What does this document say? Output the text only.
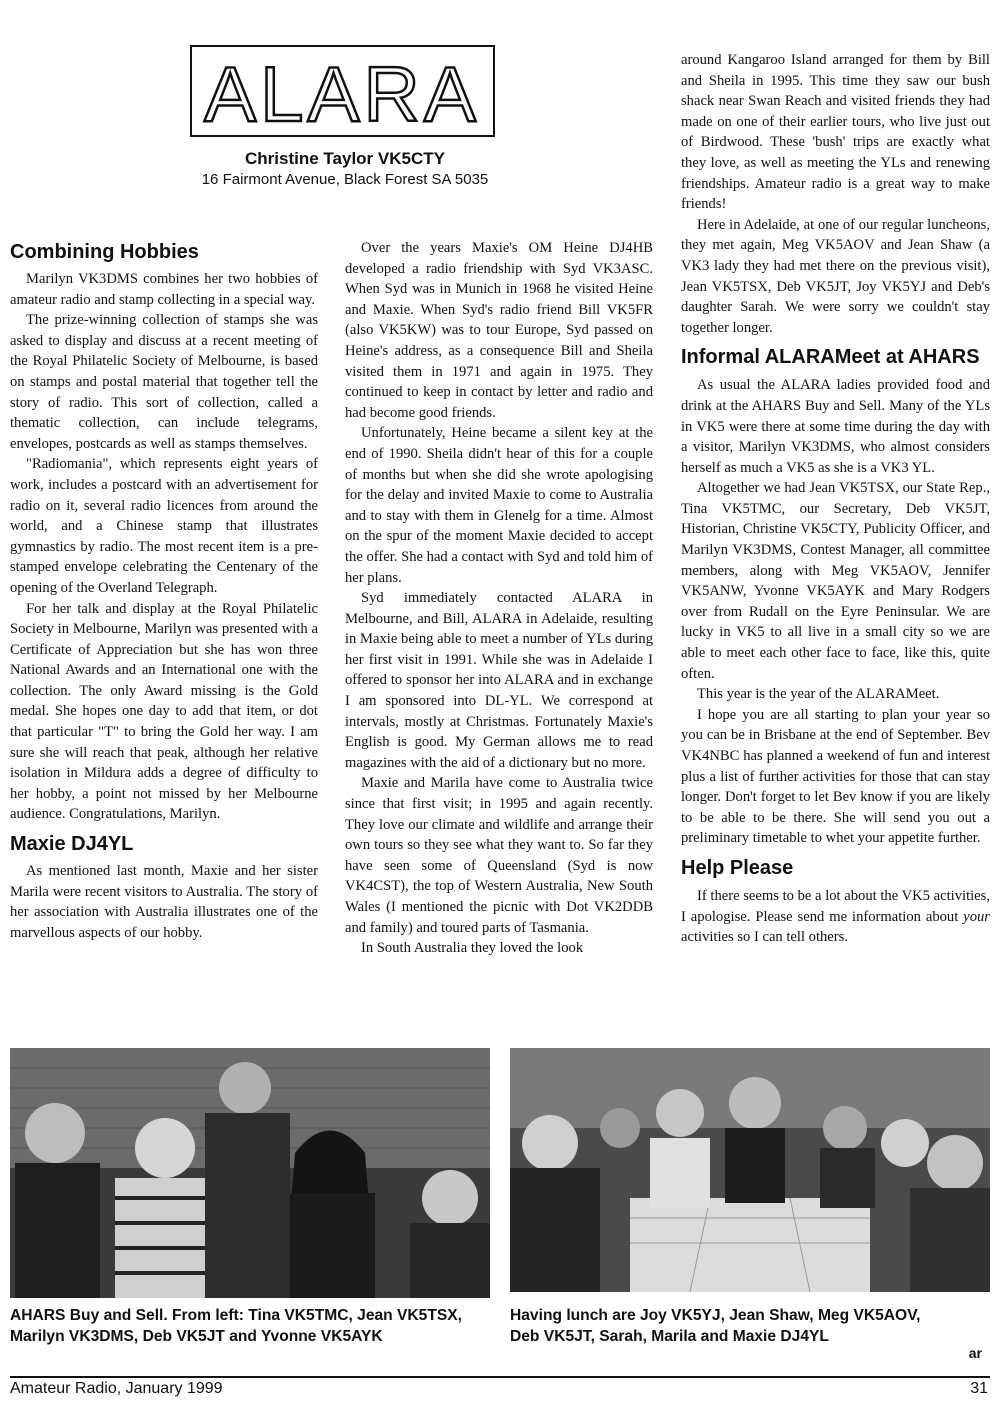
ALARA
Christine Taylor VK5CTY
16 Fairmont Avenue, Black Forest SA 5035
Combining Hobbies

Marilyn VK3DMS combines her two hobbies of amateur radio and stamp collecting in a special way.

The prize-winning collection of stamps she was asked to display and discuss at a recent meeting of the Royal Philatelic Society of Melbourne, is based on stamps and postal material that together tell the story of radio. This sort of collection, called a thematic collection, can include telegrams, envelopes, postcards as well as stamps themselves.

"Radiomania", which represents eight years of work, includes a postcard with an advertisement for radio on it, several radio licences from around the world, and a Chinese stamp that illustrates gymnastics by radio. The most recent item is a pre-stamped envelope celebrating the Centenary of the opening of the Overland Telegraph.

For her talk and display at the Royal Philatelic Society in Melbourne, Marilyn was presented with a Certificate of Appreciation but she has won three National Awards and an International one with the collection. The only Award missing is the Gold medal. She hopes one day to add that item, or dot that particular "T" to bring the Gold her way. I am sure she will reach that peak, although her relative isolation in Mildura adds a degree of difficulty to her hobby, a point not missed by her Melbourne audience. Congratulations, Marilyn.

Maxie DJ4YL

As mentioned last month, Maxie and her sister Marila were recent visitors to Australia. The story of her association with Australia illustrates one of the marvellous aspects of our hobby.

Over the years Maxie's OM Heine DJ4HB developed a radio friendship with Syd VK3ASC. When Syd was in Munich in 1968 he visited Heine and Maxie. When Syd's radio friend Bill VK5FR (also VK5KW) was to tour Europe, Syd passed on Heine's address, as a consequence Bill and Sheila visited them in 1971 and again in 1975. They continued to keep in contact by letter and radio and had become good friends.

Unfortunately, Heine became a silent key at the end of 1990. Sheila didn't hear of this for a couple of months but when she did she wrote apologising for the delay and invited Maxie to come to Australia and to stay with them in Glenelg for a time. Almost on the spur of the moment Maxie decided to accept the offer. She had a contact with Syd and told him of her plans.

Syd immediately contacted ALARA in Melbourne, and Bill, ALARA in Adelaide, resulting in Maxie being able to meet a number of YLs during her first visit in 1991. While she was in Adelaide I offered to sponsor her into ALARA and in exchange I am sponsored into DL-YL. We correspond at intervals, mostly at Christmas. Fortunately Maxie's English is good. My German allows me to read magazines with the aid of a dictionary but no more.

Maxie and Marila have come to Australia twice since that first visit; in 1995 and again recently. They love our climate and wildlife and arrange their own tours so they see what they want to. So far they have seen some of Queensland (Syd is now VK4CST), the top of Western Australia, New South Wales (I mentioned the picnic with Dot VK2DDB and family) and toured parts of Tasmania.

In South Australia they loved the look

around Kangaroo Island arranged for them by Bill and Sheila in 1995. This time they saw our bush shack near Swan Reach and visited friends they had made on one of their earlier tours, who live just out of Birdwood. These 'bush' trips are exactly what they love, as well as meeting the YLs and renewing friendships. Amateur radio is a great way to make friends!

Here in Adelaide, at one of our regular luncheons, they met again, Meg VK5AOV and Jean Shaw (a VK3 lady they had met there on the previous visit), Jean VK5TSX, Deb VK5JT, Joy VK5YJ and Deb's daughter Sarah. We were sorry we couldn't stay together longer.

Informal ALARAMeet at AHARS

As usual the ALARA ladies provided food and drink at the AHARS Buy and Sell. Many of the YLs in VK5 were there at some time during the day with a visitor, Marilyn VK3DMS, who almost considers herself as much a VK5 as she is a VK3 YL.

Altogether we had Jean VK5TSX, our State Rep., Tina VK5TMC, our Secretary, Deb VK5JT, Historian, Christine VK5CTY, Publicity Officer, and Marilyn VK3DMS, Contest Manager, all committee members, along with Meg VK5AOV, Jennifer VK5ANW, Yvonne VK5AYK and Mary Rodgers over from Rudall on the Eyre Peninsular. We are lucky in VK5 to all live in a small city so we are able to meet each other face to face, like this, quite often.

This year is the year of the ALARAMeet.

I hope you are all starting to plan your year so you can be in Brisbane at the end of September. Bev VK4NBC has planned a weekend of fun and interest plus a list of further activities for those that can stay longer. Don't forget to let Bev know if you are likely to be able to be there. She will send you out a preliminary timetable to whet your appetite further.

Help Please

If there seems to be a lot about the VK5 activities, I apologise. Please send me information about your activities so I can tell others.

AHARS Buy and Sell. From left: Tina VK5TMC, Jean VK5TSX, Marilyn VK3DMS, Deb VK5JT and Yvonne VK5AYK
Having lunch are Joy VK5YJ, Jean Shaw, Meg VK5AOV, Deb VK5JT, Sarah, Marila and Maxie DJ4YL
ar
Amateur Radio, January 1999	31
